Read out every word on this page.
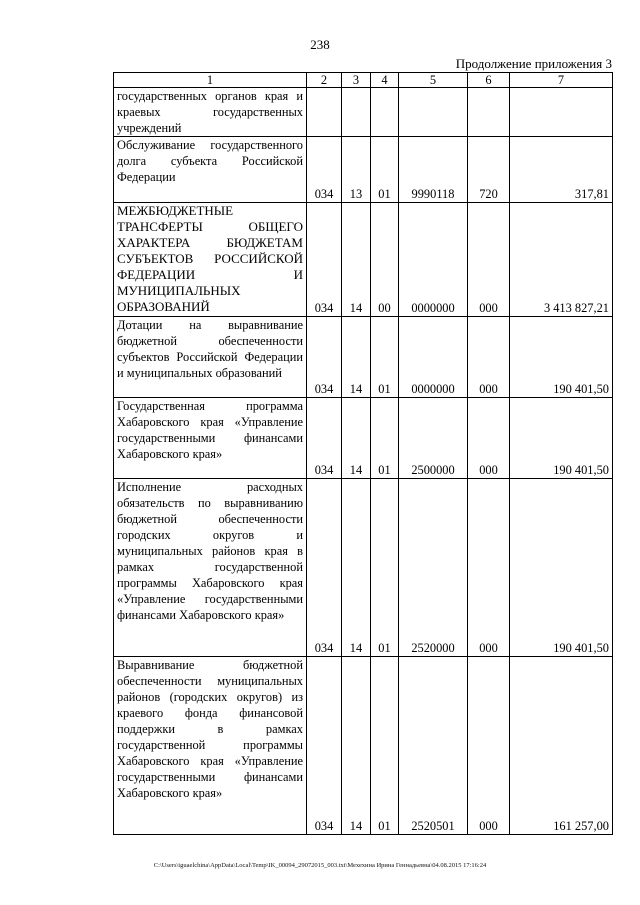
238
Продолжение приложения 3
1	2	3	4	5	6	7
государственных органов края и краевых государственных учреждений						
Обслуживание государственного долга субъекта Российской Федерации	034	13	01	9990118	720	317,81
МЕЖБЮДЖЕТНЫЕ ТРАНСФЕРТЫ ОБЩЕГО ХАРАКТЕРА БЮДЖЕТАМ СУБЪЕКТОВ РОССИЙСКОЙ ФЕДЕРАЦИИ И МУНИЦИПАЛЬНЫХ ОБРАЗОВАНИЙ	034	14	00	0000000	000	3 413 827,21
Дотации на выравнивание бюджетной обеспеченности субъектов Российской Федерации и муниципальных образований	034	14	01	0000000	000	190 401,50
Государственная программа Хабаровского края «Управление государственными финансами Хабаровского края»	034	14	01	2500000	000	190 401,50
Исполнение расходных обязательств по выравниванию бюджетной обеспеченности городских округов и муниципальных районов края в рамках государственной программы Хабаровского края «Управление государственными финансами Хабаровского края»	034	14	01	2520000	000	190 401,50
Выравнивание бюджетной обеспеченности муниципальных районов (городских округов) из краевого фонда финансовой поддержки в рамках государственной программы Хабаровского края «Управление государственными финансами Хабаровского края»	034	14	01	2520501	000	161 257,00
C:\Users\iguaelchina\AppData\Local\Temp\IK_00094_29072015_003.txt\Мехехина Ирина Геннадьевна\04.08.2015 17:16:24
